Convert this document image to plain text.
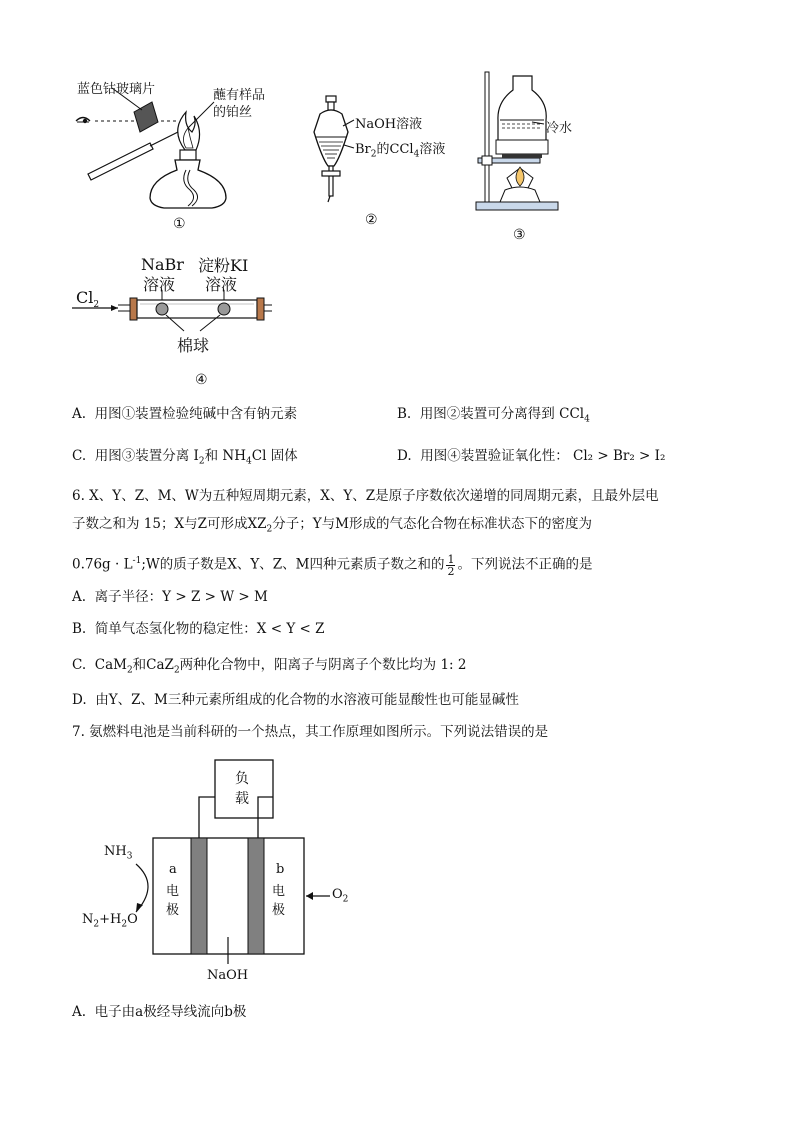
蓝色钴玻璃片	蘸有样品
的铂丝
①
NaOH溶液
$Br_2$的CCl$_4$溶液
②
冷水
③
$Cl_2$
NaBr
溶液
淀粉KI
溶液
棉球
④
A. 用图①装置检验纯碱中含有钠元素	B. 用图②装置可分离得到 CCl$_4$
C. 用图③装置分离 $I_2$和 $NH_4Cl$ 固体	D. 用图④装置验证氧化性： Cl₂ > Br₂ > I₂
6. X、Y、Z、M、W为五种短周期元素，X、Y、Z是原子序数依次递增的同周期元素，且最外层电
子数之和为 15；X与Z可形成$XZ_2$分子；Y与M形成的气态化合物在标准状态下的密度为
$0.76g \cdot L^{-1};W$的质子数是X、Y、Z、M四种元素质子数之和的 $\frac{1}{2}$ 。下列说法不正确的是
A. 离子半径：Y > Z > W > M
B. 简单气态氢化物的稳定性：X < Y < Z
C. CaM$_2$和CaZ$_2$两种化合物中，阳离子与阴离子个数比均为 1: 2
D. 由Y、Z、M三种元素所组成的化合物的水溶液可能显酸性也可能显碱性
7. 氨燃料电池是当前科研的一个热点，其工作原理如图所示。下列说法错误的是
负
载
$NH_3$
$N_2+H_2O$
a
电
极
b
电
极
$O_2$
NaOH
A. 电子由a极经导线流向b极
